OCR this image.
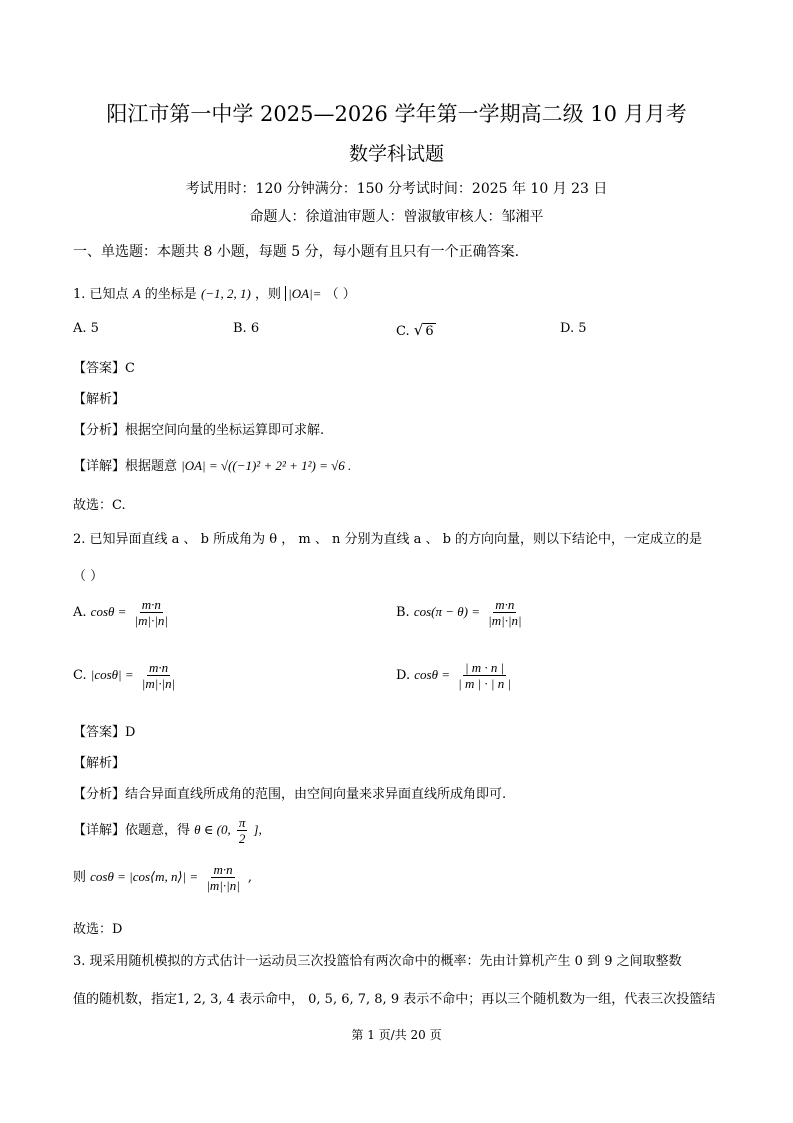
阳江市第一中学 2025—2026 学年第一学期高二级 10 月月考
数学科试题
考试用时：120 分钟满分：150 分考试时间：2025 年 10 月 23 日
命题人：徐道油审题人：曾淑敏审核人：邹湘平
一、单选题：本题共 8 小题，每题 5 分，每小题有且只有一个正确答案.
1. 已知点 A 的坐标是 (−1, 2, 1) ，则 |OA|= （ ）
A. 5	B. 6	C. √ 6	D. 5
【答案】C
【解析】
【分析】根据空间向量的坐标运算即可求解.
【详解】根据题意 |OA| = √((−1)² + 2² + 1²) = √6 .
故选：C.
2. 已知异面直线 a 、 b 所成角为 θ ， m 、 n 分别为直线 a 、 b 的方向向量，则以下结论中，一定成立的是
（ ）
A. $\cos\theta = \frac{m\cdot n}{|m|\cdot|n|}$	B. $\cos(\pi - \theta) = \frac{m\cdot n}{|m|\cdot|n|}$
C. $|\cos\theta| = \frac{m\cdot n}{|m|\cdot|n|}$	D. $\cos\theta = \frac{| m \cdot n |}{| m | \cdot | n |}$
【答案】D
【解析】
【分析】结合异面直线所成角的范围，由空间向量来求异面直线所成角即可.
【详解】依题意，得 θ ∈ (0, $\frac{\pi}{2}$ ],
则 cosθ = |cos⟨m, n⟩| = $\frac{m\cdot n}{|m|\cdot|n|}$ ,
故选：D
3. 现采用随机模拟的方式估计一运动员三次投篮恰有两次命中的概率：先由计算机产生 0 到 9 之间取整数
值的随机数，指定1, 2, 3, 4 表示命中， 0, 5, 6, 7, 8, 9 表示不命中；再以三个随机数为一组，代表三次投篮结
第 1 页/共 20 页
